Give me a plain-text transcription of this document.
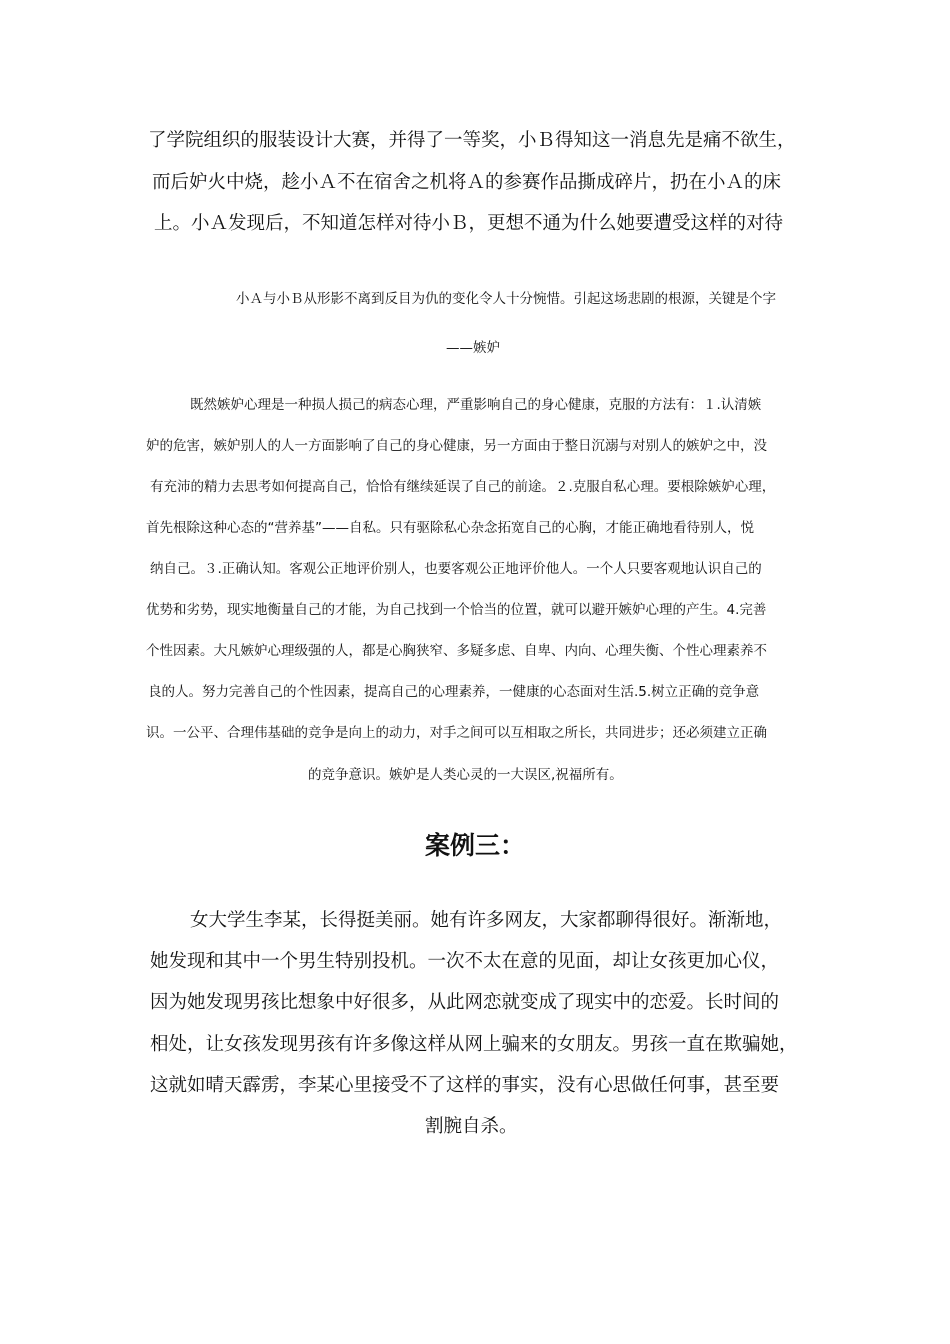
了学院组织的服装设计大赛，并得了一等奖，小Ｂ得知这一消息先是痛不欲生，
而后妒火中烧，趁小Ａ不在宿舍之机将Ａ的参赛作品撕成碎片，扔在小Ａ的床
上。小Ａ发现后，不知道怎样对待小Ｂ，更想不通为什么她要遭受这样的对待
小Ａ与小Ｂ从形影不离到反目为仇的变化令人十分惋惜。引起这场悲剧的根源，关键是个字
——嫉妒
既然嫉妒心理是一种损人损己的病态心理，严重影响自己的身心健康，克服的方法有：１.认清嫉
妒的危害，嫉妒别人的人一方面影响了自己的身心健康，另一方面由于整日沉溺与对别人的嫉妒之中，没
有充沛的精力去思考如何提高自己，恰恰有继续延误了自己的前途。２.克服自私心理。要根除嫉妒心理，
首先根除这种心态的“营养基”——自私。只有驱除私心杂念拓宽自己的心胸，才能正确地看待别人，悦
纳自己。３.正确认知。客观公正地评价别人，也要客观公正地评价他人。一个人只要客观地认识自己的
优势和劣势，现实地衡量自己的才能，为自己找到一个恰当的位置，就可以避开嫉妒心理的产生。4.完善
个性因素。大凡嫉妒心理级强的人，都是心胸狭窄、多疑多虑、自卑、内向、心理失衡、个性心理素养不
良的人。努力完善自己的个性因素，提高自己的心理素养，一健康的心态面对生活.5.树立正确的竞争意
识。一公平、合理伟基础的竞争是向上的动力，对手之间可以互相取之所长，共同进步；还必须建立正确
的竞争意识。嫉妒是人类心灵的一大误区,祝福所有。
案例三：
女大学生李某，长得挺美丽。她有许多网友，大家都聊得很好。渐渐地，
她发现和其中一个男生特别投机。一次不太在意的见面，却让女孩更加心仪，
因为她发现男孩比想象中好很多，从此网恋就变成了现实中的恋爱。长时间的
相处，让女孩发现男孩有许多像这样从网上骗来的女朋友。男孩一直在欺骗她，
这就如晴天霹雳，李某心里接受不了这样的事实，没有心思做任何事，甚至要
割腕自杀。
